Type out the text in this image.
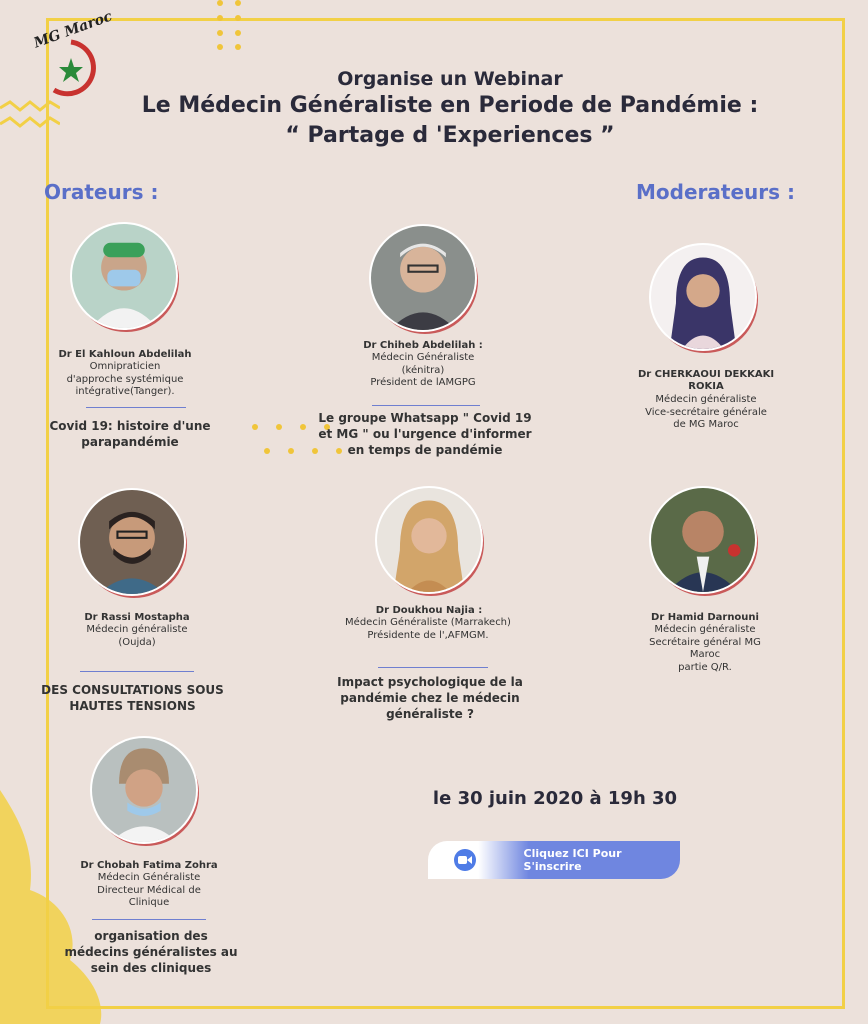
MG Maroc
Organise un Webinar
Le Médecin Généraliste en Periode de Pandémie :
“ Partage d 'Experiences ”
Orateurs :	Moderateurs :
Dr El Kahloun Abdelilah
Omnipraticien
d'approche systémique
intégrative(Tanger).
Covid 19: histoire d'une
parapandémie
Dr Chiheb Abdelilah :
Médecin Généraliste
(kénitra)
Président de lAMGPG
Le groupe Whatsapp " Covid 19
et MG " ou l'urgence d'informer
en temps de pandémie
Dr CHERKAOUI DEKKAKI
ROKIA
Médecin généraliste
Vice-secrétaire générale
de MG Maroc
Dr Rassi Mostapha
Médecin généraliste
(Oujda)
DES CONSULTATIONS SOUS
HAUTES TENSIONS
Dr Doukhou Najia :
Médecin Généraliste (Marrakech)
Présidente de l',AFMGM.
Impact psychologique de la
pandémie chez le médecin
généraliste ?
Dr Hamid Darnouni
Médecin généraliste
Secrétaire général MG
Maroc
partie Q/R.
Dr Chobah Fatima Zohra
Médecin Généraliste
Directeur Médical de
Clinique
organisation des
médecins généralistes au
sein des cliniques
le 30 juin 2020 à 19h 30
Cliquez ICI Pour S'inscrire
